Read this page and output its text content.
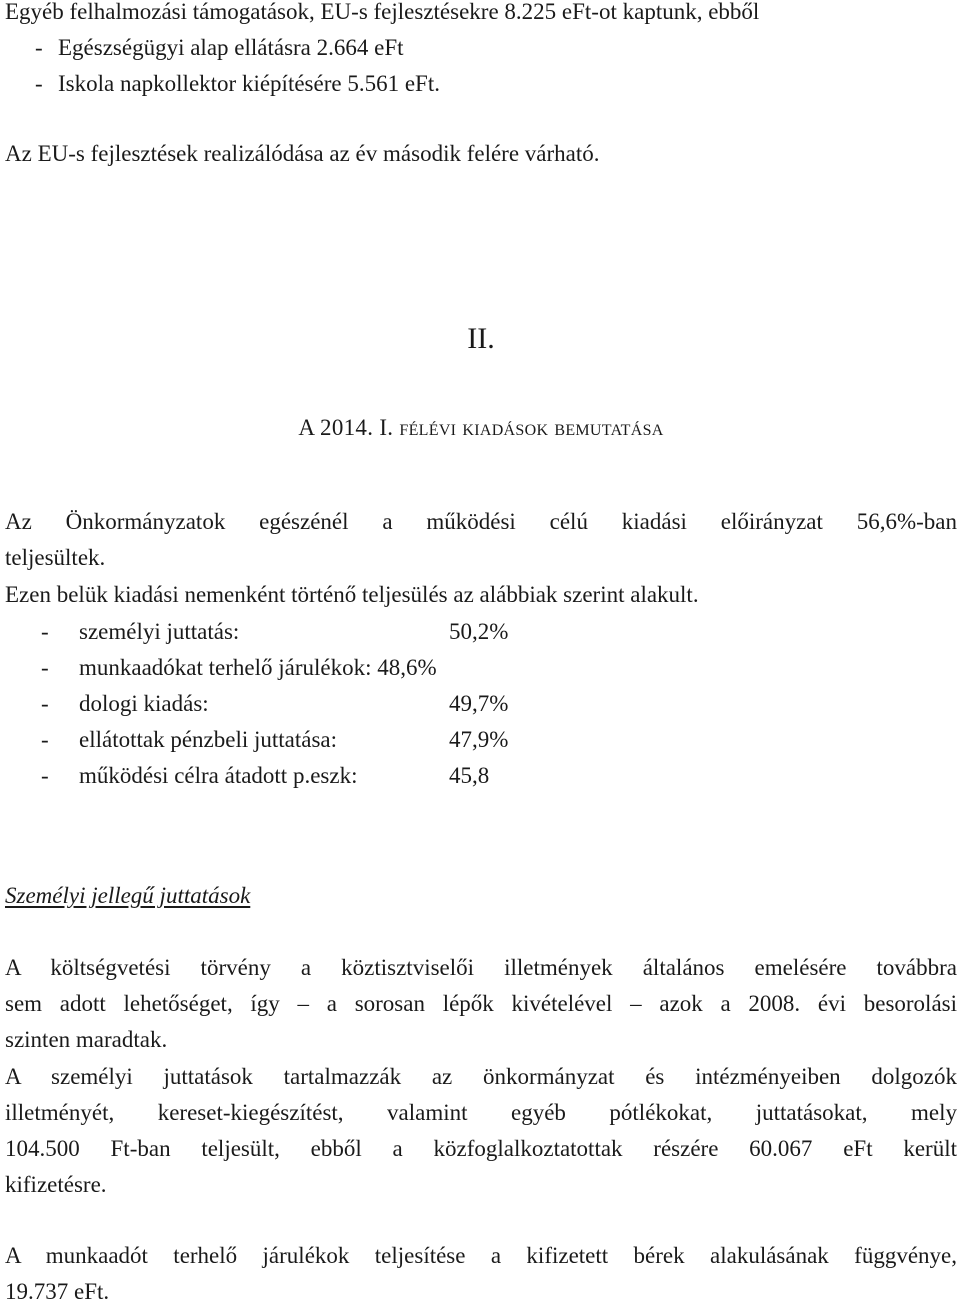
Egyéb felhalmozási támogatások, EU-s fejlesztésekre 8.225 eFt-ot kaptunk, ebből
- Egészségügyi alap ellátásra 2.664 eFt
- Iskola napkollektor kiépítésére 5.561 eFt.
Az EU-s fejlesztések realizálódása az év második felére várható.
II.
A 2014. I. félévi kiadások bemutatása
Az Önkormányzatok egészénél a működési célú kiadási előirányzat 56,6%-ban
teljesültek.
Ezen belük kiadási nemenként történő teljesülés az alábbiak szerint alakult.
- személyi juttatás:	50,2%
- munkaadókat terhelő járulékok: 48,6%
- dologi kiadás:	49,7%
- ellátottak pénzbeli juttatása:	47,9%
- működési célra átadott p.eszk:	45,8
Személyi jellegű juttatások
A költségvetési törvény a köztisztviselői illetmények általános emelésére továbbra
sem adott lehetőséget, így – a sorosan lépők kivételével – azok a 2008. évi besorolási
szinten maradtak.
A személyi juttatások tartalmazzák az önkormányzat és intézményeiben dolgozók
illetményét, kereset-kiegészítést, valamint egyéb pótlékokat, juttatásokat, mely
104.500 Ft-ban teljesült, ebből a közfoglalkoztatottak részére 60.067 eFt került
kifizetésre.
A munkaadót terhelő járulékok teljesítése a kifizetett bérek alakulásának függvénye,
19.737 eFt.
